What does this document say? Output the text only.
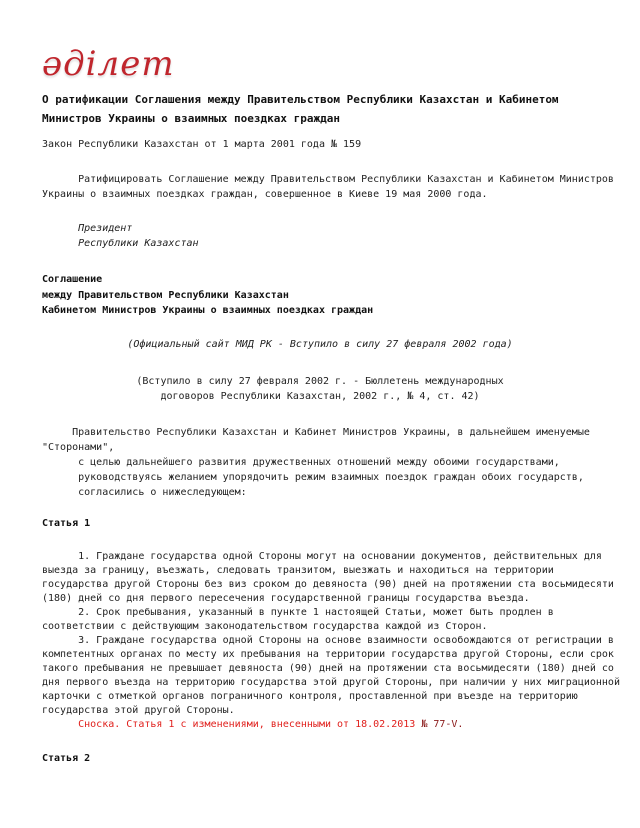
әділет
О ратификации Соглашения между Правительством Республики Казахстан и Кабинетом
Министров Украины о взаимных поездках граждан
Закон Республики Казахстан от 1 марта 2001 года № 159
Ратифицировать Соглашение между Правительством Республики Казахстан и Кабинетом Министров
Украины о взаимных поездках граждан, совершенное в Киеве 19 мая 2000 года.
Президент
Республики Казахстан
Соглашение
между Правительством Республики Казахстан
Кабинетом Министров Украины о взаимных поездках граждан
(Официальный сайт МИД РК - Вступило в силу 27 февраля 2002 года)
(Вступило в силу 27 февраля 2002 г. - Бюллетень международных
договоров Республики Казахстан, 2002 г., № 4, ст. 42)
Правительство Республики Казахстан и Кабинет Министров Украины, в дальнейшем именуемые
"Сторонами",
с целью дальнейшего развития дружественных отношений между обоими государствами,
руководствуясь желанием упорядочить режим взаимных поездок граждан обоих государств,
согласились о нижеследующем:
Статья 1
1. Граждане государства одной Стороны могут на основании документов, действительных для
выезда за границу, въезжать, следовать транзитом, выезжать и находиться на территории
государства другой Стороны без виз сроком до девяноста (90) дней на протяжении ста восьмидесяти
(180) дней со дня первого пересечения государственной границы государства въезда.
2. Срок пребывания, указанный в пункте 1 настоящей Статьи, может быть продлен в
соответствии с действующим законодательством государства каждой из Сторон.
3. Граждане государства одной Стороны на основе взаимности освобождаются от регистрации в
компетентных органах по месту их пребывания на территории государства другой Стороны, если срок
такого пребывания не превышает девяноста (90) дней на протяжении ста восьмидесяти (180) дней со
дня первого въезда на территорию государства этой другой Стороны, при наличии у них миграционной
карточки с отметкой органов пограничного контроля, проставленной при въезде на территорию
государства этой другой Стороны.
Сноска. Статья 1 с изменениями, внесенными от 18.02.2013 № 77-V.
Статья 2
